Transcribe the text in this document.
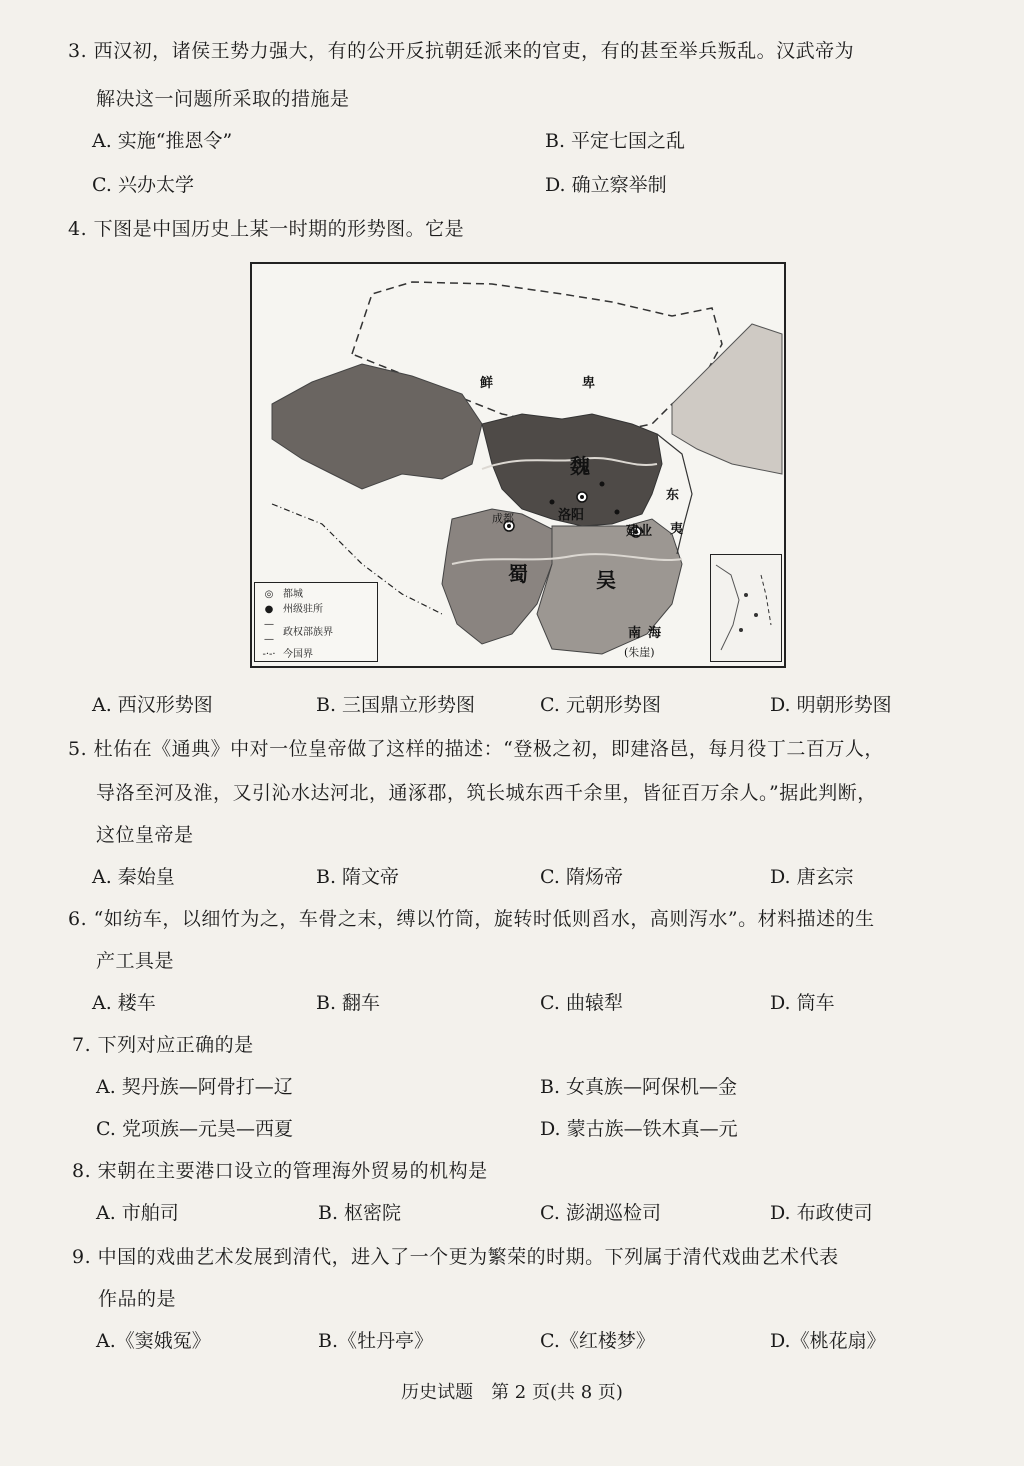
3. 西汉初，诸侯王势力强大，有的公开反抗朝廷派来的官吏，有的甚至举兵叛乱。汉武帝为
解决这一问题所采取的措施是
A. 实施“推恩令”	B. 平定七国之乱
C. 兴办太学	D. 确立察举制
4. 下图是中国历史上某一时期的形势图。它是
鲜	卑
魏
洛阳
成都
建业
蜀	吴
东
夷
南 海
(朱崖)
◎ 都城
● 州级驻所
— —
政权部族界
-·-· 今国界
A. 西汉形势图	B. 三国鼎立形势图	C. 元朝形势图	D. 明朝形势图
5. 杜佑在《通典》中对一位皇帝做了这样的描述：“登极之初，即建洛邑，每月役丁二百万人，
导洛至河及淮，又引沁水达河北，通涿郡，筑长城东西千余里，皆征百万余人。”据此判断，
这位皇帝是
A. 秦始皇	B. 隋文帝	C. 隋炀帝	D. 唐玄宗
6. “如纺车，以细竹为之，车骨之末，缚以竹筒，旋转时低则舀水，高则泻水”。材料描述的生
产工具是
A. 耧车	B. 翻车	C. 曲辕犁	D. 筒车
7. 下列对应正确的是
A. 契丹族—阿骨打—辽	B. 女真族—阿保机—金
C. 党项族—元昊—西夏	D. 蒙古族—铁木真—元
8. 宋朝在主要港口设立的管理海外贸易的机构是
A. 市舶司	B. 枢密院	C. 澎湖巡检司	D. 布政使司
9. 中国的戏曲艺术发展到清代，进入了一个更为繁荣的时期。下列属于清代戏曲艺术代表
作品的是
A.《窦娥冤》	B.《牡丹亭》	C.《红楼梦》	D.《桃花扇》
历史试题　第 2 页(共 8 页)
